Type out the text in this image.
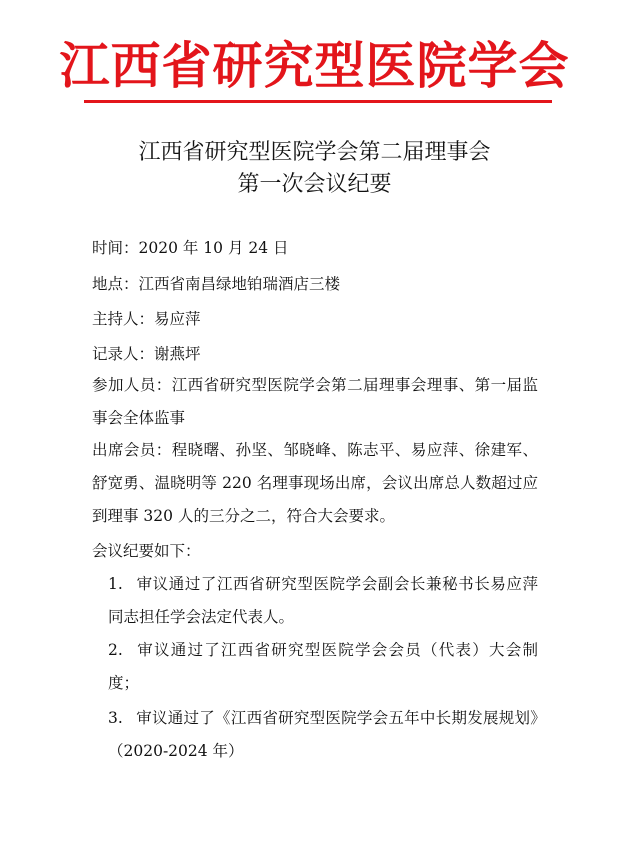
江西省研究型医院学会
江西省研究型医院学会第二届理事会
第一次会议纪要
时间：2020 年 10 月 24 日
地点：江西省南昌绿地铂瑞酒店三楼
主持人：易应萍
记录人：谢燕坪
参加人员：江西省研究型医院学会第二届理事会理事、第一届监事会全体监事
出席会员：程晓曙、孙坚、邹晓峰、陈志平、易应萍、徐建军、舒宽勇、温晓明等 220 名理事现场出席，会议出席总人数超过应到理事 320 人的三分之二，符合大会要求。
会议纪要如下：
1. 审议通过了江西省研究型医院学会副会长兼秘书长易应萍同志担任学会法定代表人。
2. 审议通过了江西省研究型医院学会会员（代表）大会制度；
3. 审议通过了《江西省研究型医院学会五年中长期发展规划》（2020-2024 年）
